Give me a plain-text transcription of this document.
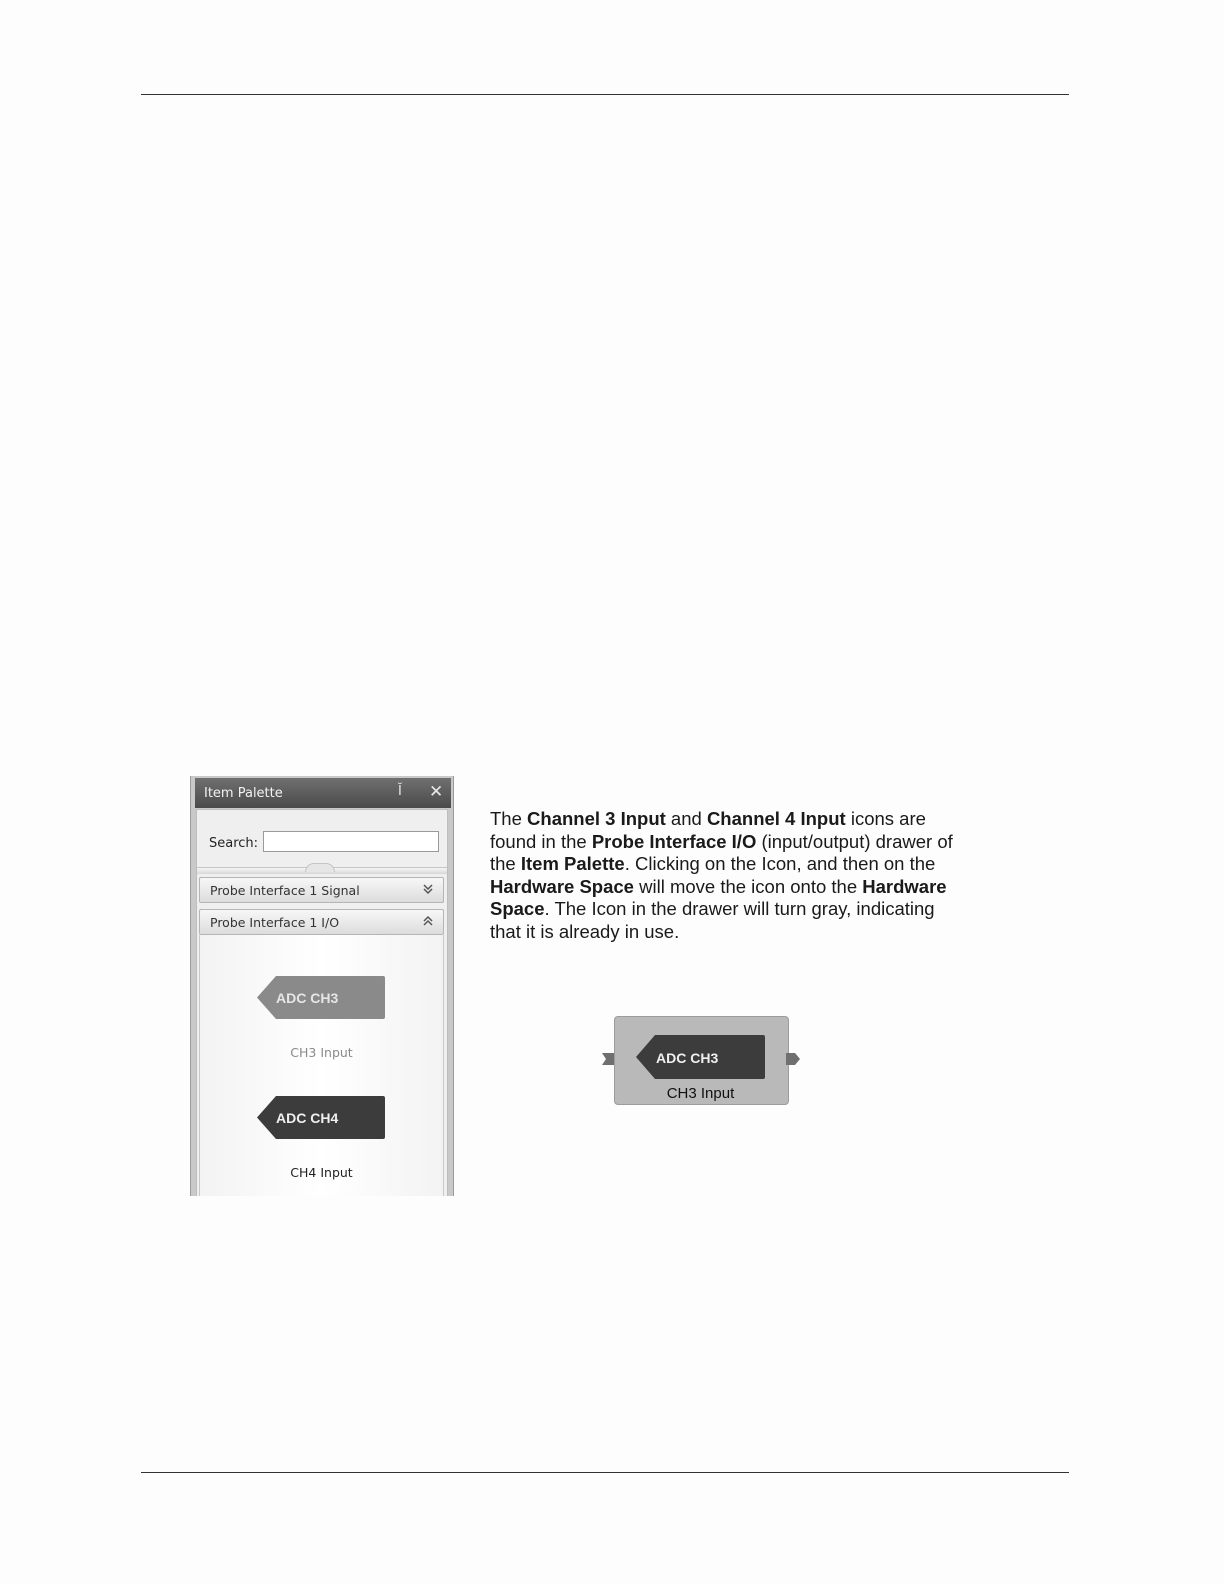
Item Palette	Ῐ ✕
Search:
Probe Interface 1 Signal
Probe Interface 1 I/O
ADC CH3
CH3 Input
ADC CH4
CH4 Input

The Channel 3 Input and Channel 4 Input icons are

found in the Probe Interface I/O (input/output) drawer of

the Item Palette. Clicking on the Icon, and then on the

Hardware Space will move the icon onto the Hardware

Space. The Icon in the drawer will turn gray, indicating

that it is already in use.

ADC CH3
CH3 Input
